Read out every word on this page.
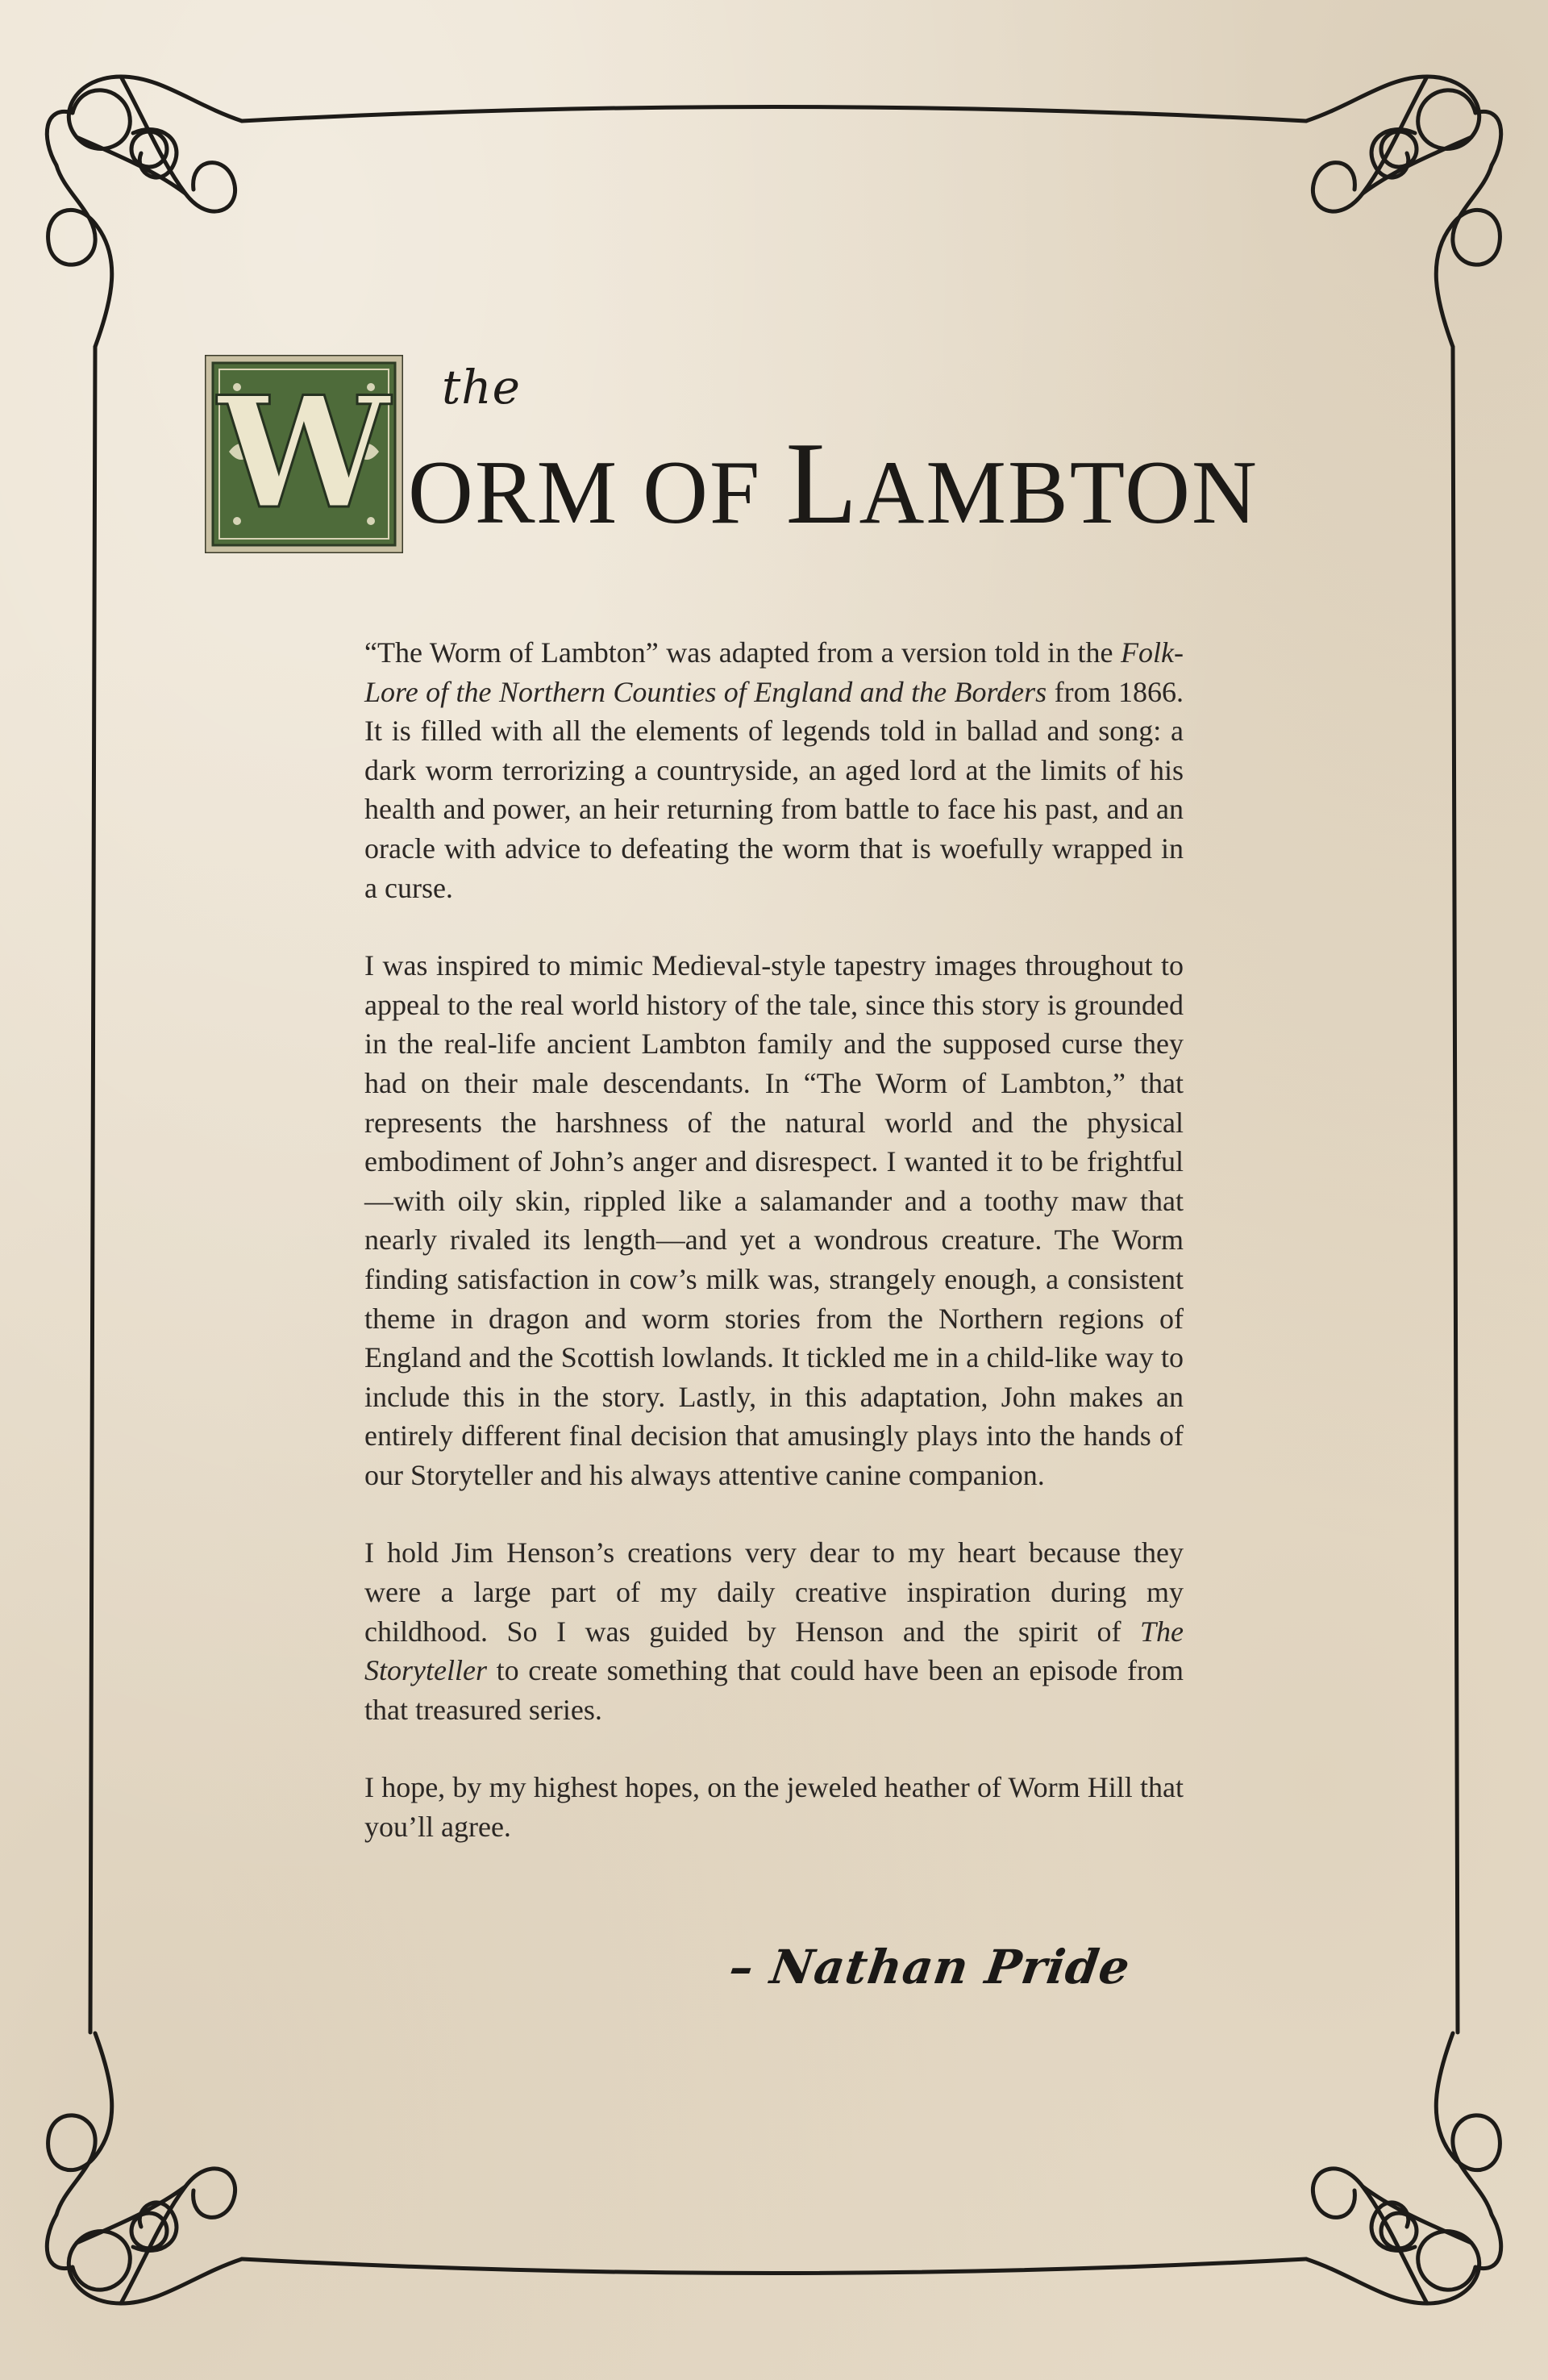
W the
ORM OF LAMBTON

“The Worm of Lambton” was adapted from a version told in the Folk-Lore of the Northern Counties of England and the Borders from 1866. It is filled with all the elements of legends told in ballad and song: a dark worm terrorizing a countryside, an aged lord at the limits of his health and power, an heir returning from battle to face his past, and an oracle with advice to defeating the worm that is woefully wrapped in a curse.

I was inspired to mimic Medieval-style tapestry images throughout to appeal to the real world history of the tale, since this story is grounded in the real-life ancient Lambton family and the supposed curse they had on their male descendants. In “The Worm of Lambton,” that represents the harshness of the natural world and the physical embodiment of John’s anger and disrespect. I wanted it to be frightful—with oily skin, rippled like a salamander and a toothy maw that nearly rivaled its length—and yet a wondrous creature. The Worm finding satisfaction in cow’s milk was, strangely enough, a consistent theme in dragon and worm stories from the Northern regions of England and the Scottish lowlands. It tickled me in a child-like way to include this in the story. Lastly, in this adaptation, John makes an entirely different final decision that amusingly plays into the hands of our Storyteller and his always attentive canine companion.

I hold Jim Henson’s creations very dear to my heart because they were a large part of my daily creative inspiration during my childhood. So I was guided by Henson and the spirit of The Storyteller to create something that could have been an episode from that treasured series.

I hope, by my highest hopes, on the jeweled heather of Worm Hill that you’ll agree.

– Nathan Pride
